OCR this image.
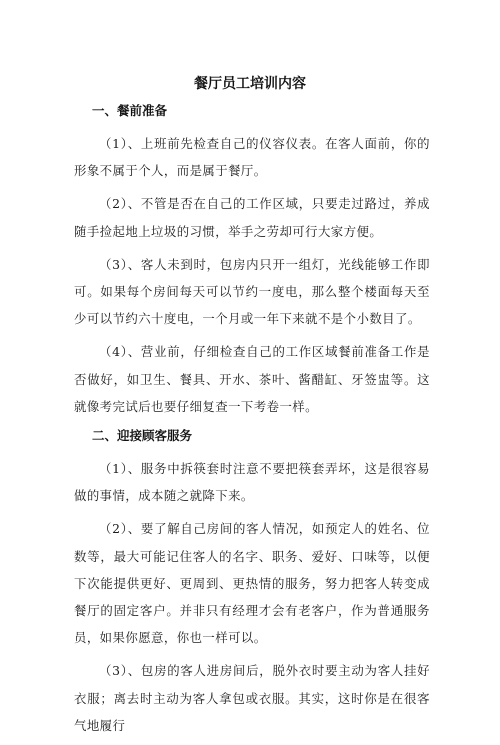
餐厅员工培训内容
一、餐前准备

（1）、上班前先检查自己的仪容仪表。在客人面前，你的形象不属于个人，而是属于餐厅。

（2）、不管是否在自己的工作区域，只要走过路过，养成随手捡起地上垃圾的习惯，举手之劳却可行大家方便。

（3）、客人未到时，包房内只开一组灯，光线能够工作即可。如果每个房间每天可以节约一度电，那么整个楼面每天至少可以节约六十度电，一个月或一年下来就不是个小数目了。

（4）、营业前，仔细检查自己的工作区域餐前准备工作是否做好，如卫生、餐具、开水、茶叶、酱醋缸、牙签盅等。这就像考完试后也要仔细复查一下考卷一样。

二、迎接顾客服务

（1）、服务中拆筷套时注意不要把筷套弄坏，这是很容易做的事情，成本随之就降下来。

（2）、要了解自己房间的客人情况，如预定人的姓名、位数等，最大可能记住客人的名字、职务、爱好、口味等，以便下次能提供更好、更周到、更热情的服务，努力把客人转变成餐厅的固定客户。并非只有经理才会有老客户，作为普通服务员，如果你愿意，你也一样可以。

（3）、包房的客人进房间后，脱外衣时要主动为客人挂好衣服；离去时主动为客人拿包或衣服。其实，这时你是在很客气地履行
